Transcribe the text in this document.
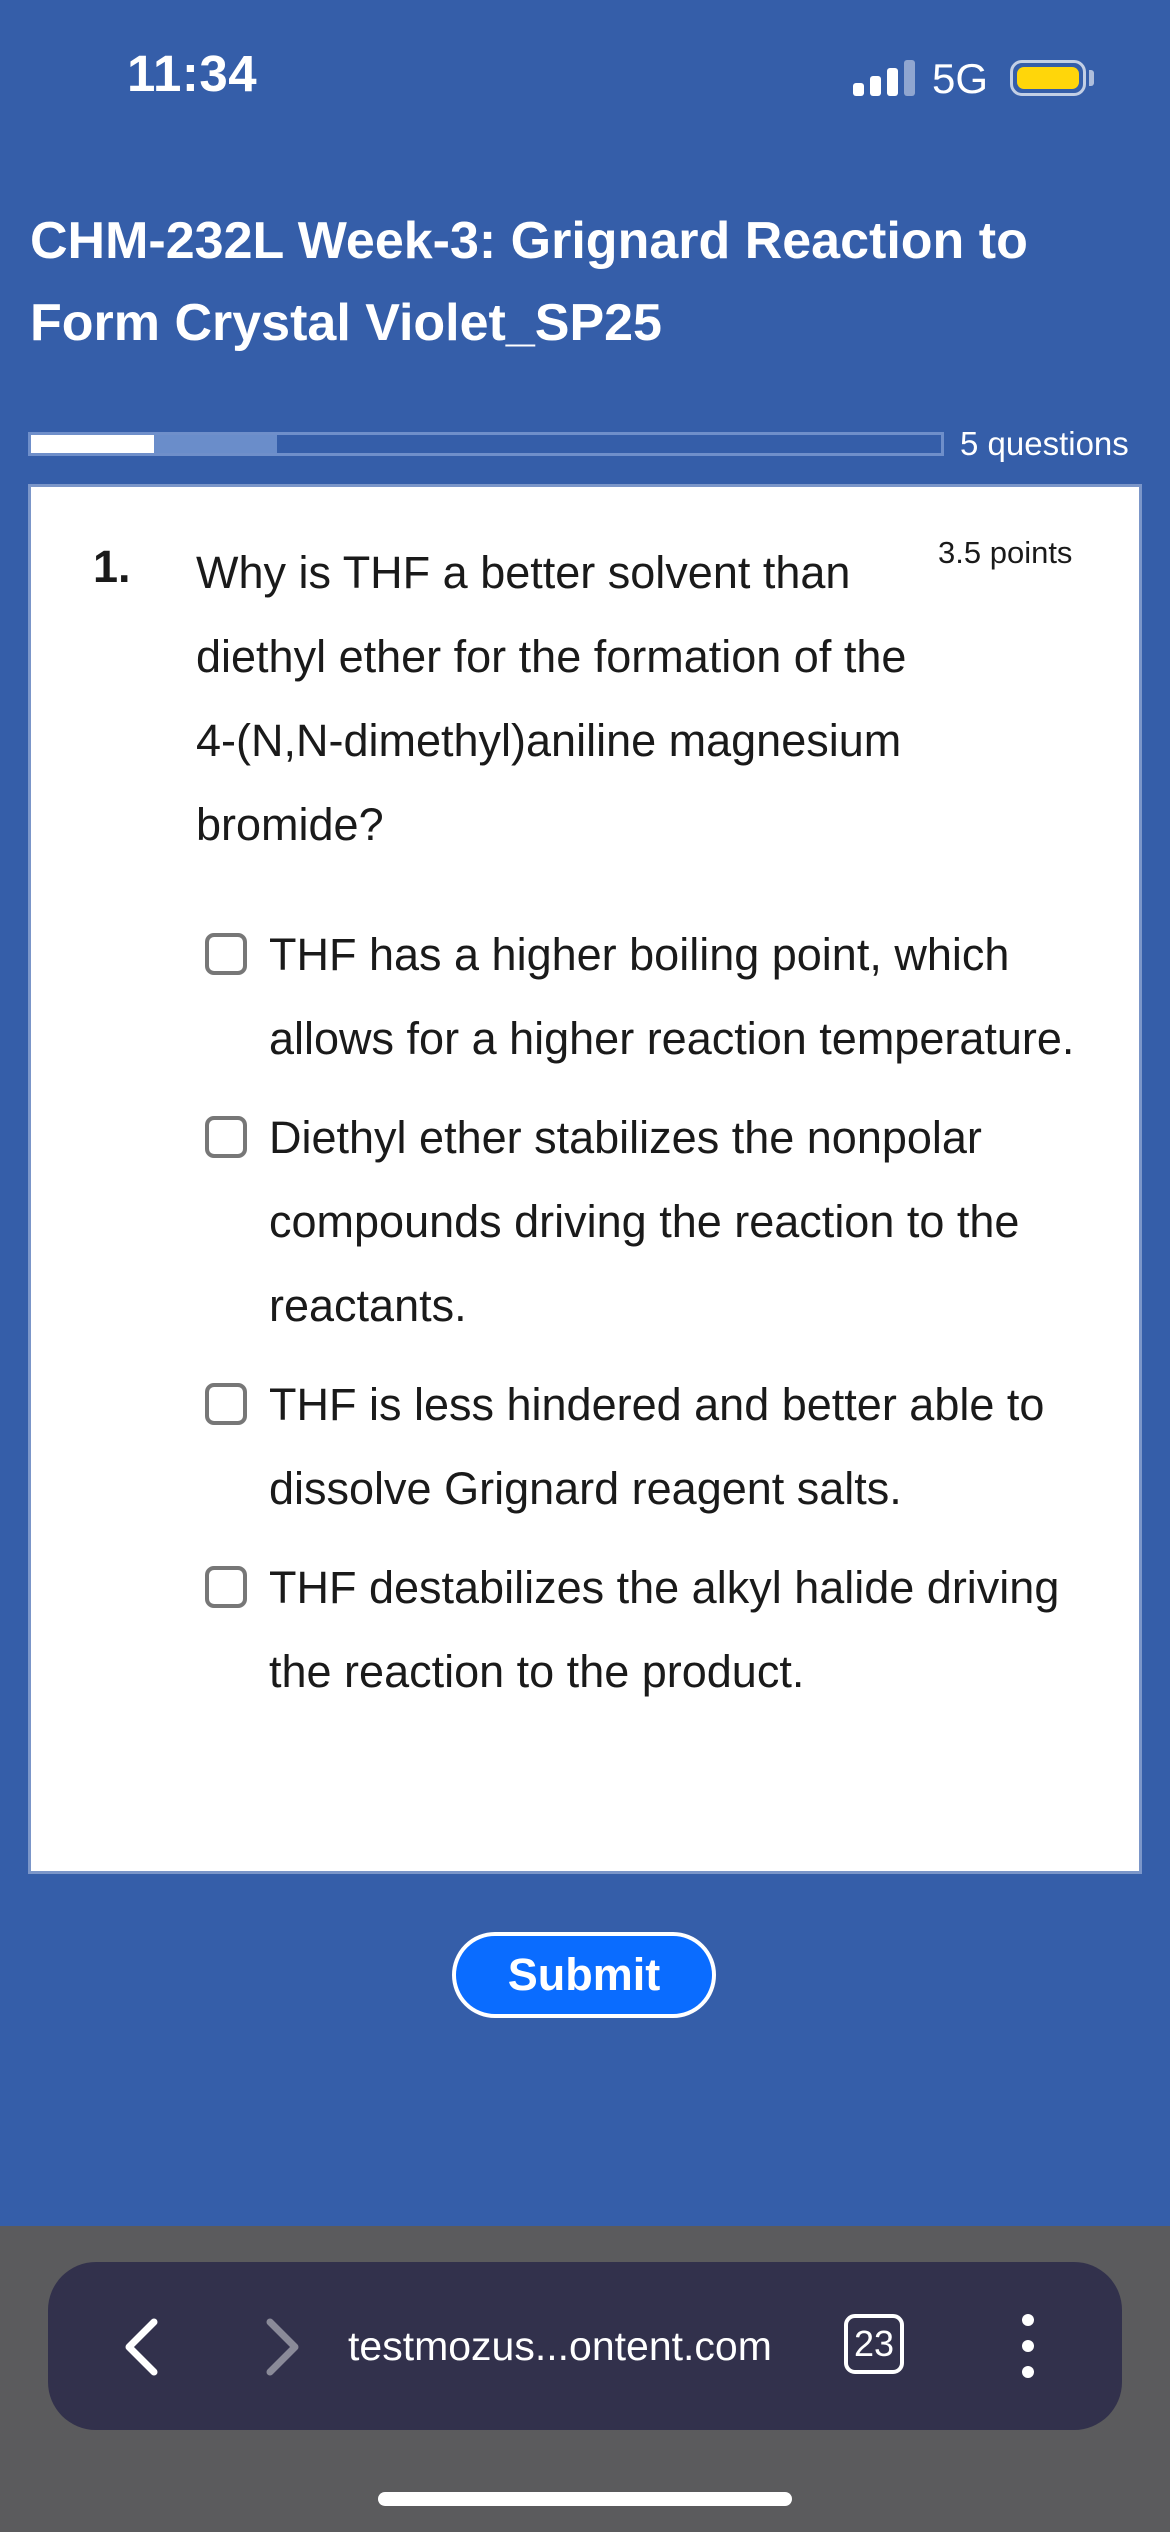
11:34	5G
CHM-232L Week-3: Grignard Reaction to Form Crystal Violet_SP25
5 questions
1. Why is THF a better solvent than diethyl ether for the formation of the 4-(N,N-dimethyl)aniline magnesium bromide?

3.5 points
THF has a higher boiling point, which allows for a higher reaction temperature.
Diethyl ether stabilizes the nonpolar compounds driving the reaction to the reactants.
THF is less hindered and better able to dissolve Grignard reagent salts.
THF destabilizes the alkyl halide driving the reaction to the product.
Submit
testmozus...ontent.com 23
